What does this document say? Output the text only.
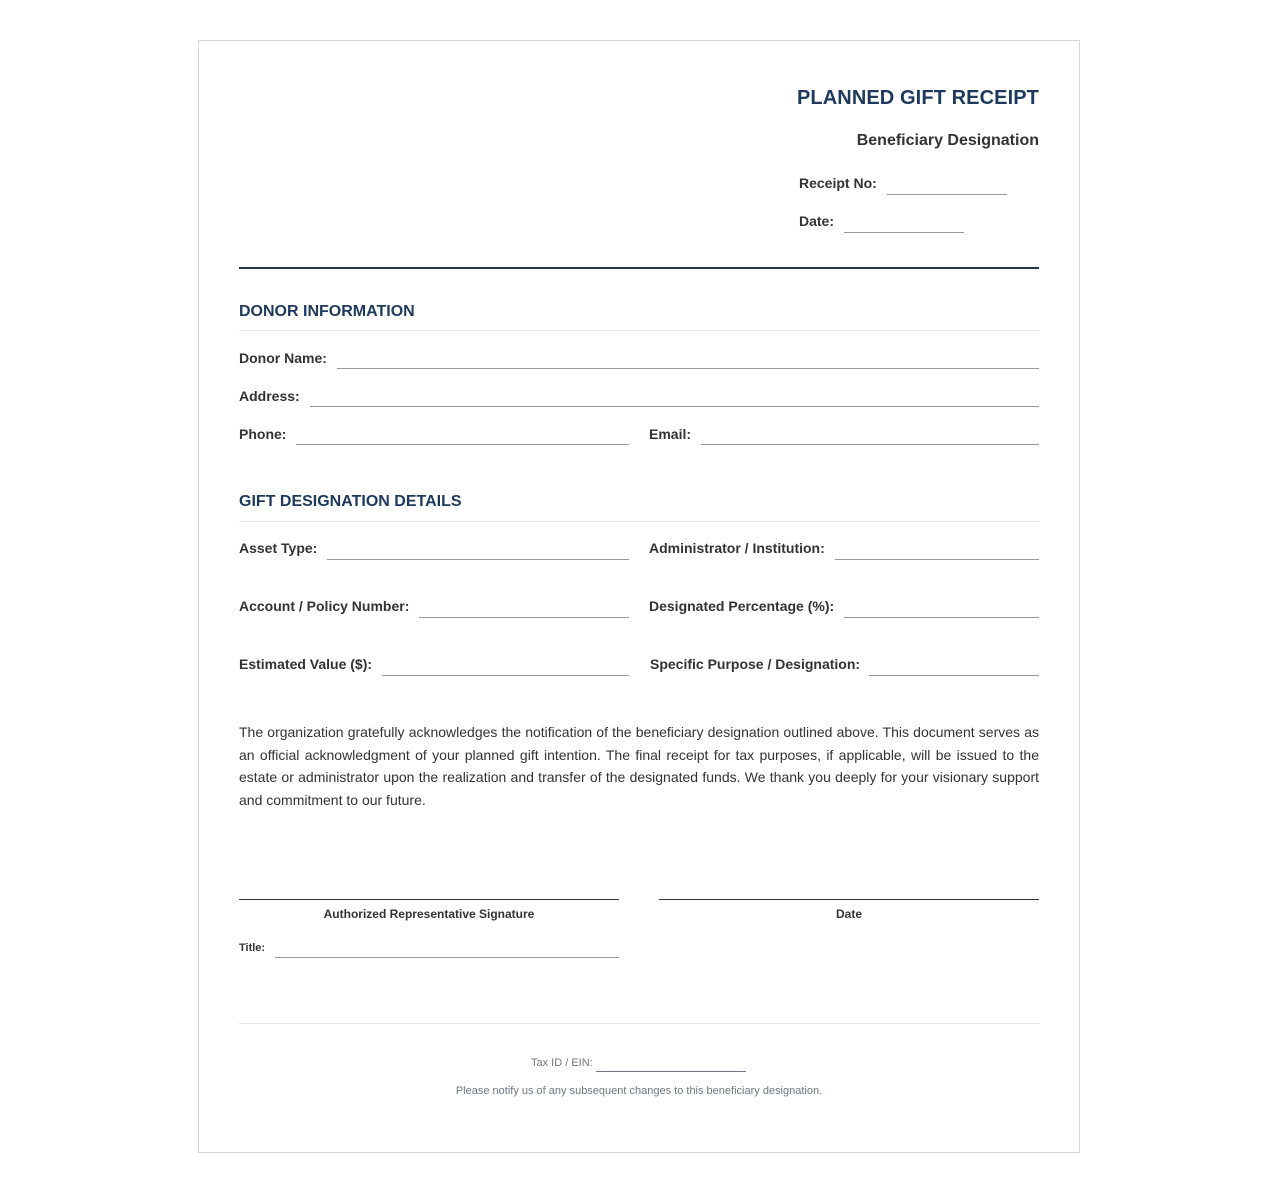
PLANNED GIFT RECEIPT
Beneficiary Designation
Receipt No:
Date:
DONOR INFORMATION
Donor Name:
Address:
Phone:	Email:
GIFT DESIGNATION DETAILS
Asset Type:	Administrator / Institution:
Account / Policy Number:	Designated Percentage (%):
Estimated Value ($):	Specific Purpose / Designation:
The organization gratefully acknowledges the notification of the beneficiary designation outlined above. This document serves as an official acknowledgment of your planned gift intention. The final receipt for tax purposes, if applicable, will be issued to the estate or administrator upon the realization and transfer of the designated funds. We thank you deeply for your visionary support and commitment to our future.
Authorized Representative Signature	Date
Title:
Tax ID / EIN:
Please notify us of any subsequent changes to this beneficiary designation.
